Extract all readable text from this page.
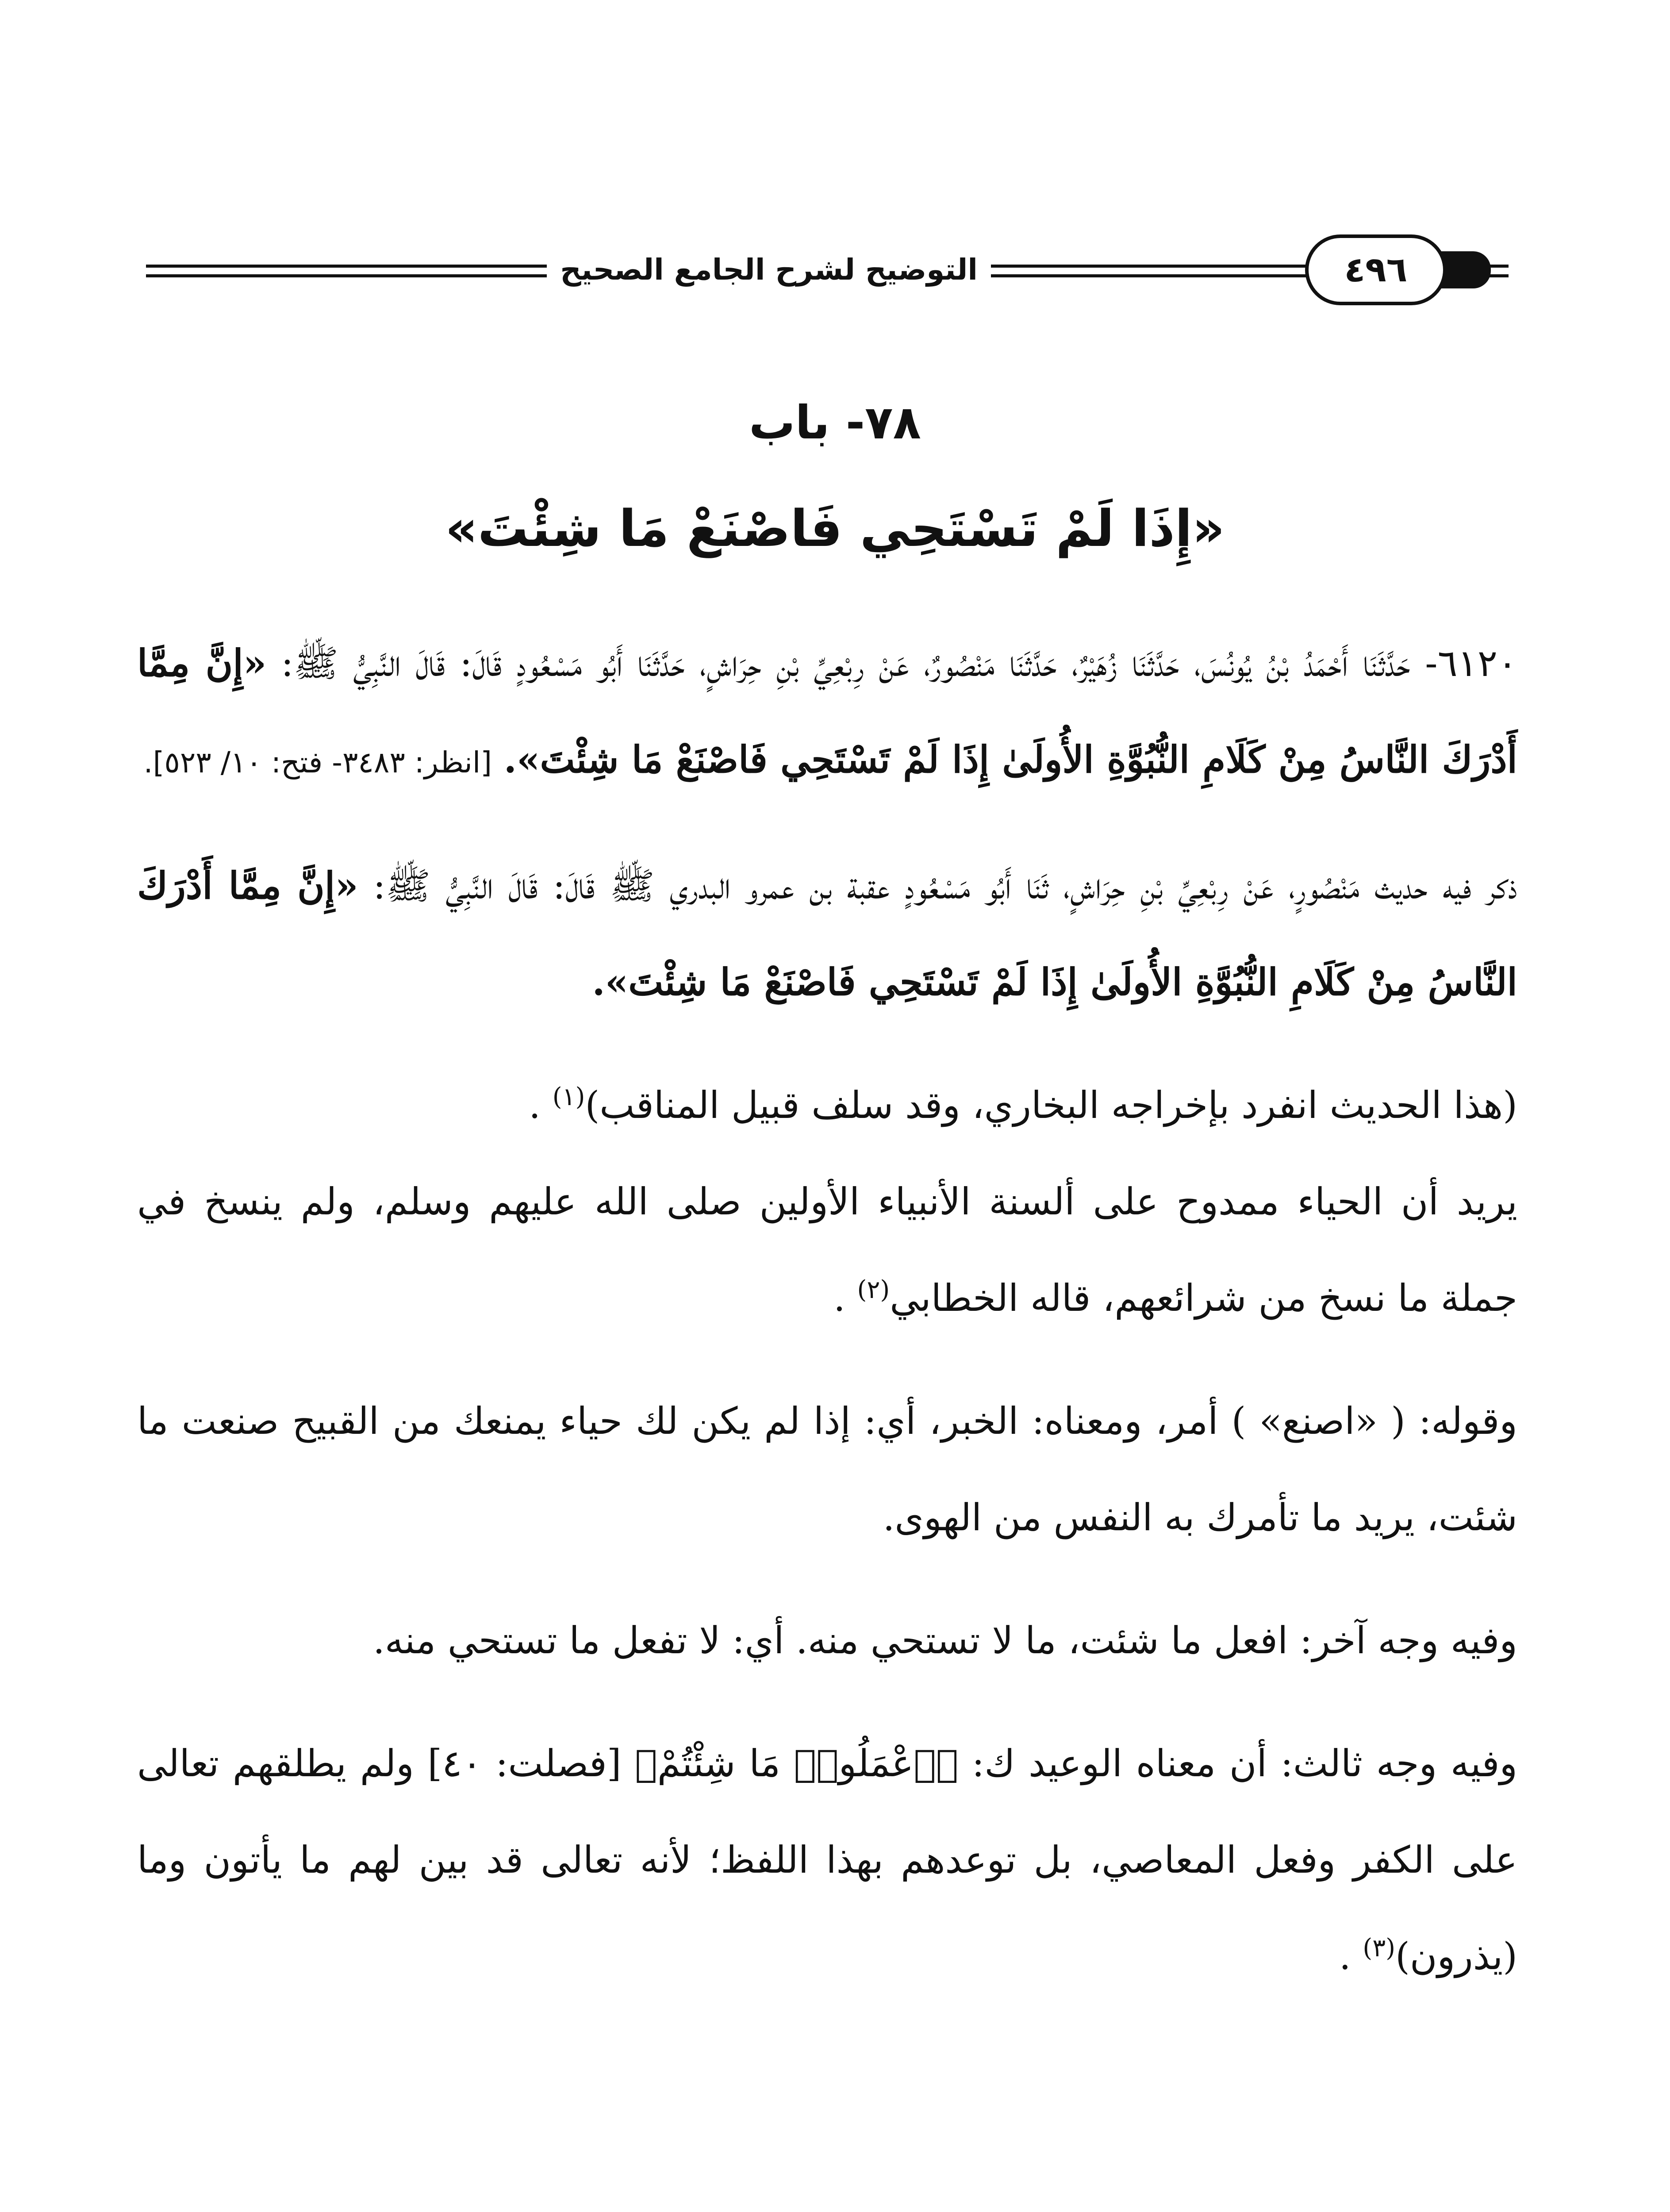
التوضيح لشرح الجامع الصحيح	٤٩٦
٧٨- باب
«إِذَا لَمْ تَسْتَحِي فَاصْنَعْ مَا شِئْتَ»

٦١٢٠- حَدَّثَنَا أَحْمَدُ بْنُ يُونُسَ، حَدَّثَنَا زُهَيْرٌ، حَدَّثَنَا مَنْصُورٌ، عَنْ رِبْعِيِّ بْنِ حِرَاشٍ، حَدَّثَنَا أَبُو مَسْعُودٍ قَالَ: قَالَ النَّبِيُّ ﷺ: «إِنَّ مِمَّا أَدْرَكَ النَّاسُ مِنْ كَلَامِ النُّبُوَّةِ الأُولَىٰ إِذَا لَمْ تَسْتَحِي فَاصْنَعْ مَا شِئْتَ». [انظر: ٣٤٨٣- فتح: ١٠/ ٥٢٣].

ذكر فيه حديث مَنْصُورٍ، عَنْ رِبْعِيِّ بْنِ حِرَاشٍ، ثَنَا أَبُو مَسْعُودٍ عقبة بن عمرو البدري ﷺ قَالَ: قَالَ النَّبِيُّ ﷺ: «إِنَّ مِمَّا أَدْرَكَ النَّاسُ مِنْ كَلَامِ النُّبُوَّةِ الأُولَىٰ إِذَا لَمْ تَسْتَحِي فَاصْنَعْ مَا شِئْتَ».

(هذا الحديث انفرد بإخراجه البخاري، وقد سلف قبيل المناقب)$^{(١)}$ .

يريد أن الحياء ممدوح على ألسنة الأنبياء الأولين صلى الله عليهم وسلم، ولم ينسخ في جملة ما نسخ من شرائعهم، قاله الخطابي$^{(٢)}$ .

وقوله: ( «اصنع» ) أمر، ومعناه: الخبر، أي: إذا لم يكن لك حياء يمنعك من القبيح صنعت ما شئت، يريد ما تأمرك به النفس من الهوى.

وفيه وجه آخر: افعل ما شئت، ما لا تستحي منه. أي: لا تفعل ما تستحي منه.

وفيه وجه ثالث: أن معناه الوعيد ك: ﴿ٱعْمَلُوا۟ مَا شِئْتُمْ﴾ [فصلت: ٤٠] ولم يطلقهم تعالى على الكفر وفعل المعاصي، بل توعدهم بهذا اللفظ؛ لأنه تعالى قد بين لهم ما يأتون وما (يذرون)$^{(٣)}$ .
